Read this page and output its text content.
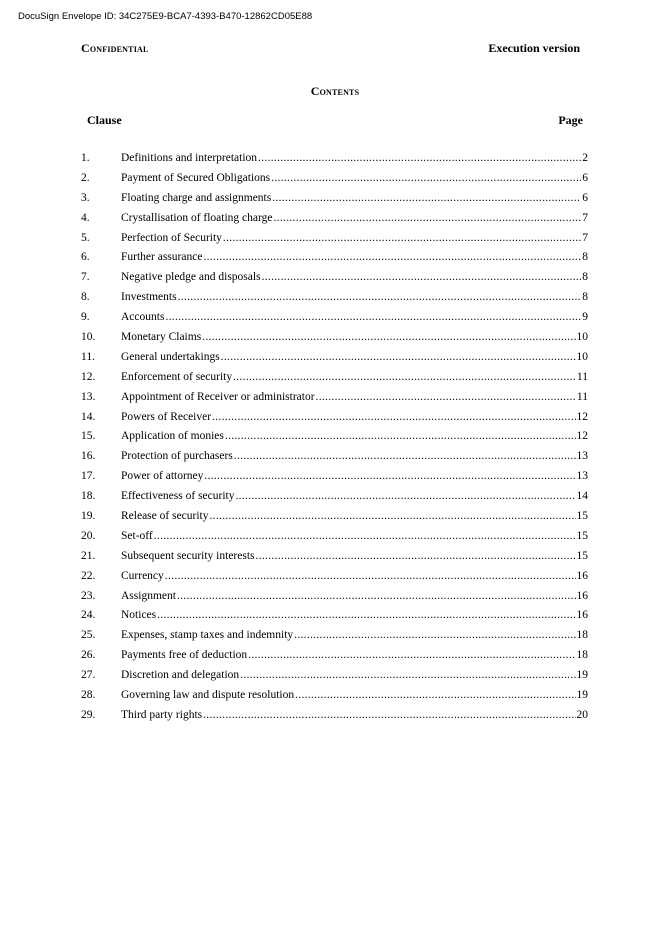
DocuSign Envelope ID: 34C275E9-BCA7-4393-B470-12862CD05E88
Confidential	Execution version
Contents
Clause	Page
1.	Definitions and interpretation .....	2
2.	Payment of Secured Obligations .....	6
3.	Floating charge and assignments .....	6
4.	Crystallisation of floating charge .....	7
5.	Perfection of Security .....	7
6.	Further assurance .....	8
7.	Negative pledge and disposals .....	8
8.	Investments .....	8
9.	Accounts .....	9
10.	Monetary Claims .....	10
11.	General undertakings .....	10
12.	Enforcement of security .....	11
13.	Appointment of Receiver or administrator .....	11
14.	Powers of Receiver .....	12
15.	Application of monies .....	12
16.	Protection of purchasers .....	13
17.	Power of attorney .....	13
18.	Effectiveness of security .....	14
19.	Release of security .....	15
20.	Set-off .....	15
21.	Subsequent security interests .....	15
22.	Currency .....	16
23.	Assignment .....	16
24.	Notices .....	16
25.	Expenses, stamp taxes and indemnity .....	18
26.	Payments free of deduction .....	18
27.	Discretion and delegation .....	19
28.	Governing law and dispute resolution .....	19
29.	Third party rights .....	20
